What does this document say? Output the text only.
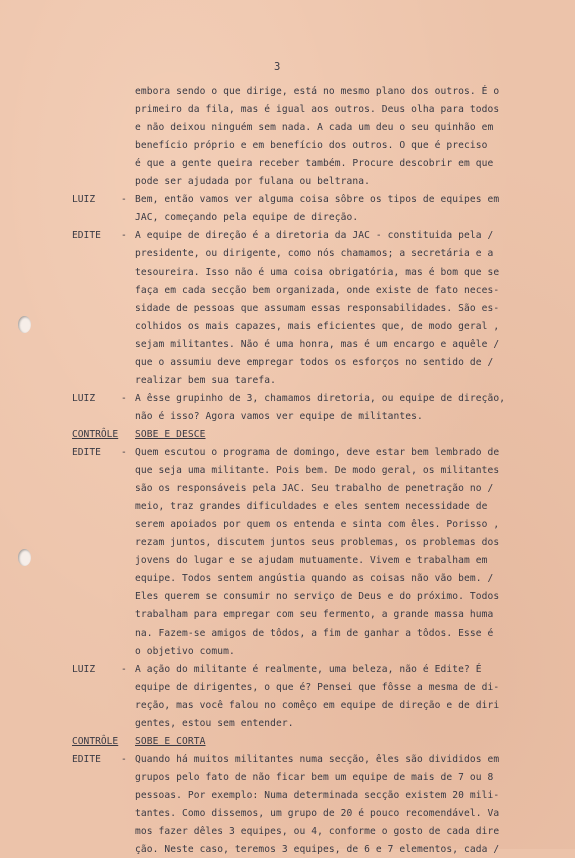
3
embora sendo o que dirige, está no mesmo plano dos outros. É o
primeiro da fila, mas é igual aos outros. Deus olha para todos
e não deixou ninguém sem nada. A cada um deu o seu quinhão em
benefício próprio e em benefício dos outros. O que é preciso
é que a gente queira receber também. Procure descobrir em que
pode ser ajudada por fulana ou beltrana.
LUIZ	- Bem, então vamos ver alguma coisa sôbre os tipos de equipes em
JAC, começando pela equipe de direção.
EDITE - A equipe de direção é a diretoria da JAC - constituida pela /
presidente, ou dirigente, como nós chamamos; a secretária e a
tesoureira. Isso não é uma coisa obrigatória, mas é bom que se
faça em cada secção bem organizada, onde existe de fato neces-
sidade de pessoas que assumam essas responsabilidades. São es-
colhidos os mais capazes, mais eficientes que, de modo geral ,
sejam militantes. Não é uma honra, mas é um encargo e aquêle /
que o assumiu deve empregar todos os esforços no sentido de /
realizar bem sua tarefa.
LUIZ	- A êsse grupinho de 3, chamamos diretoria, ou equipe de direção,
não é isso? Agora vamos ver equipe de militantes.
CONTRÔLE SOBE E DESCE
EDITE - Quem escutou o programa de domingo, deve estar bem lembrado de
que seja uma militante. Pois bem. De modo geral, os militantes
são os responsáveis pela JAC. Seu trabalho de penetração no /
meio, traz grandes dificuldades e eles sentem necessidade de
serem apoiados por quem os entenda e sinta com êles. Porisso ,
rezam juntos, discutem juntos seus problemas, os problemas dos
jovens do lugar e se ajudam mutuamente. Vivem e trabalham em
equipe. Todos sentem angústia quando as coisas não vão bem. /
Eles querem se consumir no serviço de Deus e do próximo. Todos
trabalham para empregar com seu fermento, a grande massa huma
na. Fazem-se amigos de tôdos, a fim de ganhar a tôdos. Esse é
o objetivo comum.
LUIZ	- A ação do militante é realmente, uma beleza, não é Edite? É
equipe de dirigentes, o que é? Pensei que fôsse a mesma de di-
reção, mas você falou no comêço em equipe de direção e de diri
gentes, estou sem entender.
CONTRÔLE SOBE E CORTA
EDITE - Quando há muitos militantes numa secção, êles são divididos em
grupos pelo fato de não ficar bem um equipe de mais de 7 ou 8
pessoas. Por exemplo: Numa determinada secção existem 20 mili-
tantes. Como dissemos, um grupo de 20 é pouco recomendável. Va
mos fazer dêles 3 equipes, ou 4, conforme o gosto de cada dire
ção. Neste caso, teremos 3 equipes, de 6 e 7 elementos, cada /
